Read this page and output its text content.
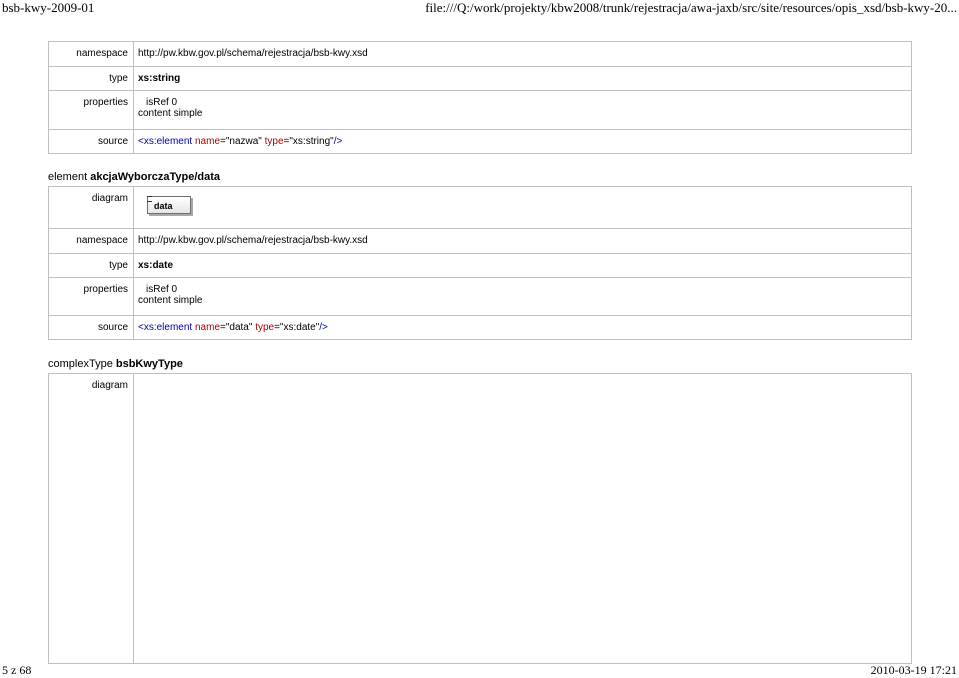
bsb-kwy-2009-01	file:///Q:/work/projekty/kbw2008/trunk/rejestracja/awa-jaxb/src/site/resources/opis_xsd/bsb-kwy-20...
namespace	http://pw.kbw.gov.pl/schema/rejestracja/bsb-kwy.xsd
type	xs:string
properties	isRef 0
content simple

source	<xs:element name="nazwa" type="xs:string"/>
element akcjaWyborczaType/data
diagram	data
namespace	http://pw.kbw.gov.pl/schema/rejestracja/bsb-kwy.xsd
type	xs:date
properties	isRef 0
content simple

source	<xs:element name="data" type="xs:date"/>
complexType bsbKwyType
diagram	
5 z 68	2010-03-19 17:21
